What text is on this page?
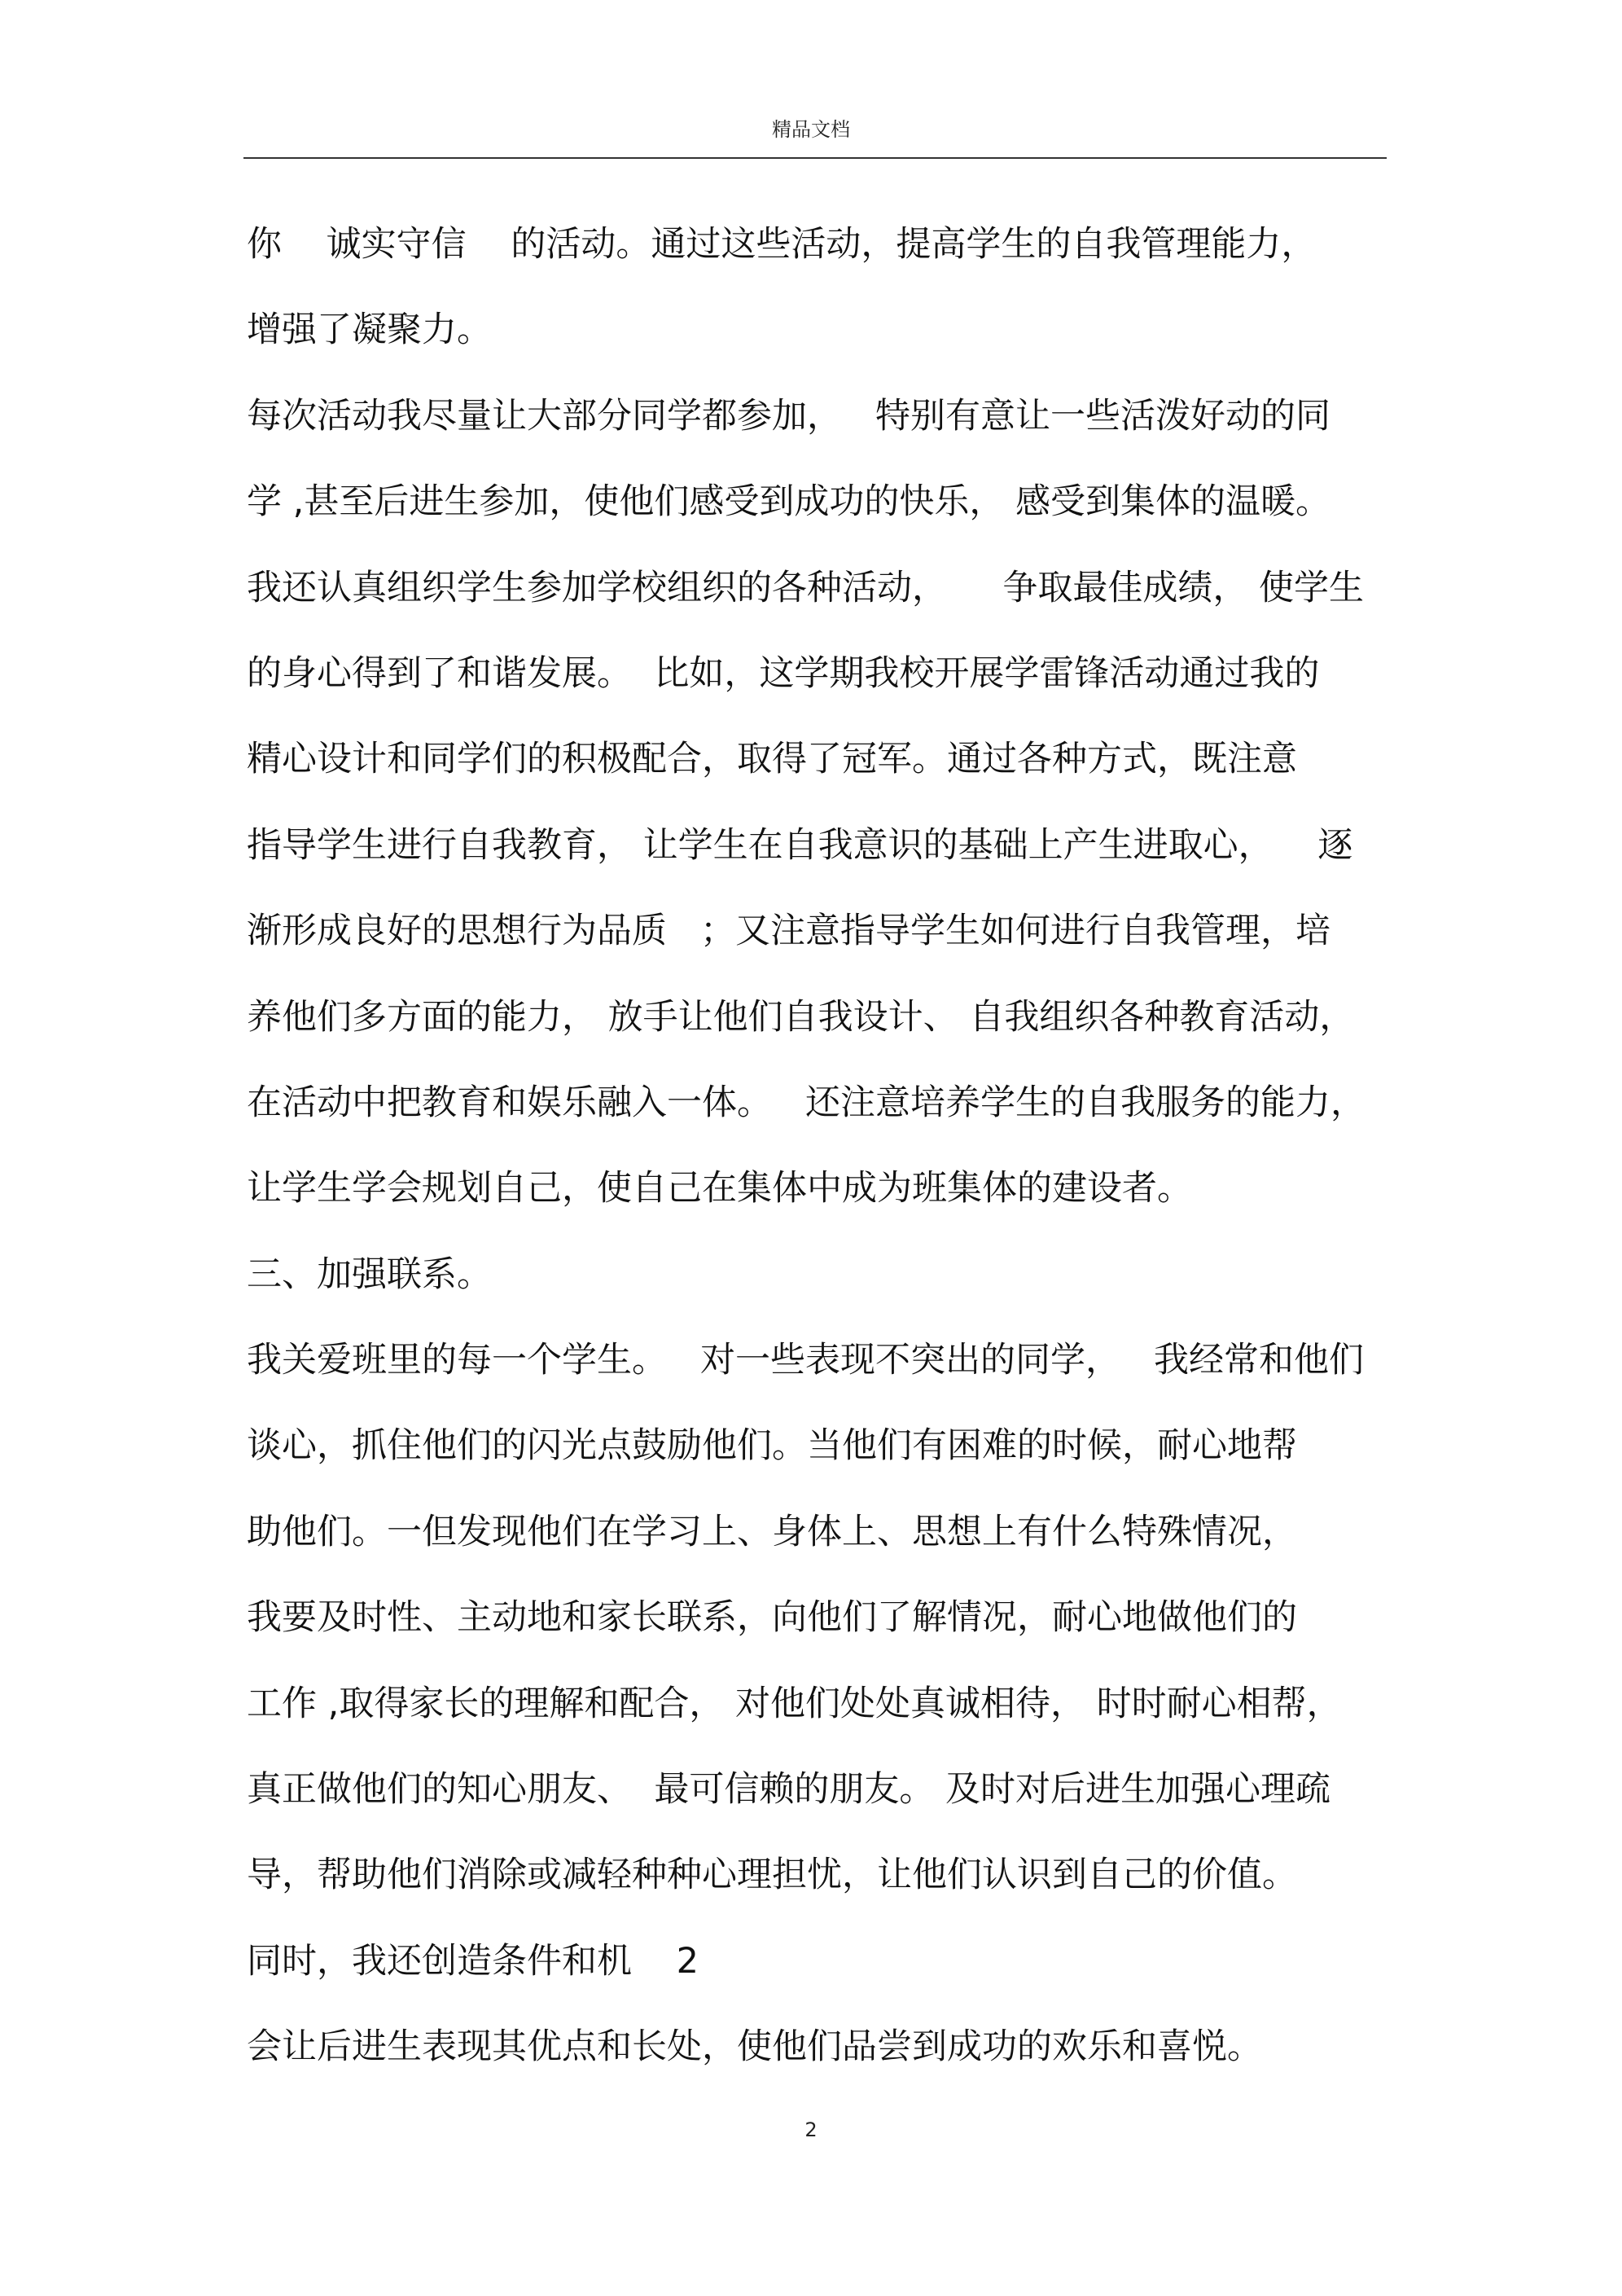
精品文档
你    诚实守信    的活动。通过这些活动，提高学生的自我管理能力，
增强了凝聚力。
每次活动我尽量让大部分同学都参加，   特别有意让一些活泼好动的同
学 ,甚至后进生参加，使他们感受到成功的快乐， 感受到集体的温暖。
我还认真组织学生参加学校组织的各种活动，     争取最佳成绩， 使学生
的身心得到了和谐发展。  比如，这学期我校开展学雷锋活动通过我的
精心设计和同学们的积极配合，取得了冠军。通过各种方式，既注意
指导学生进行自我教育， 让学生在自我意识的基础上产生进取心，    逐
渐形成良好的思想行为品质   ；又注意指导学生如何进行自我管理，培
养他们多方面的能力， 放手让他们自我设计、 自我组织各种教育活动，
在活动中把教育和娱乐融入一体。   还注意培养学生的自我服务的能力，
让学生学会规划自己，使自己在集体中成为班集体的建设者。
三、加强联系。
我关爱班里的每一个学生。   对一些表现不突出的同学，   我经常和他们
谈心，抓住他们的闪光点鼓励他们。当他们有困难的时候，耐心地帮
助他们。一但发现他们在学习上、身体上、思想上有什么特殊情况，
我要及时性、主动地和家长联系，向他们了解情况，耐心地做他们的
工作 ,取得家长的理解和配合， 对他们处处真诚相待， 时时耐心相帮，
真正做他们的知心朋友、  最可信赖的朋友。 及时对后进生加强心理疏
导，帮助他们消除或减轻种种心理担忧，让他们认识到自己的价值。
同时，我还创造条件和机    2
会让后进生表现其优点和长处，使他们品尝到成功的欢乐和喜悦。
2
